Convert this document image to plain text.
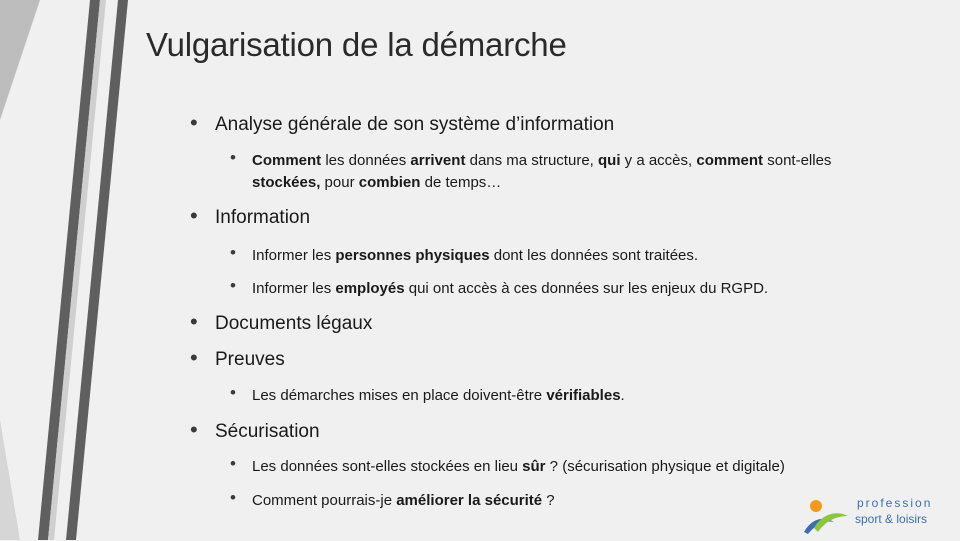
Vulgarisation de la démarche
• Analyse générale de son système d’information
• Comment les données arrivent dans ma structure, qui y a accès, comment sont-elles stockées, pour combien de temps…
• Information
• Informer les personnes physiques dont les données sont traitées.
• Informer les employés qui ont accès à ces données sur les enjeux du RGPD.
• Documents légaux
• Preuves
• Les démarches mises en place doivent-être vérifiables.
• Sécurisation
• Les données sont-elles stockées en lieu sûr ? (sécurisation physique et digitale)
• Comment pourrais-je améliorer la sécurité ?	profession
sport & loisirs
